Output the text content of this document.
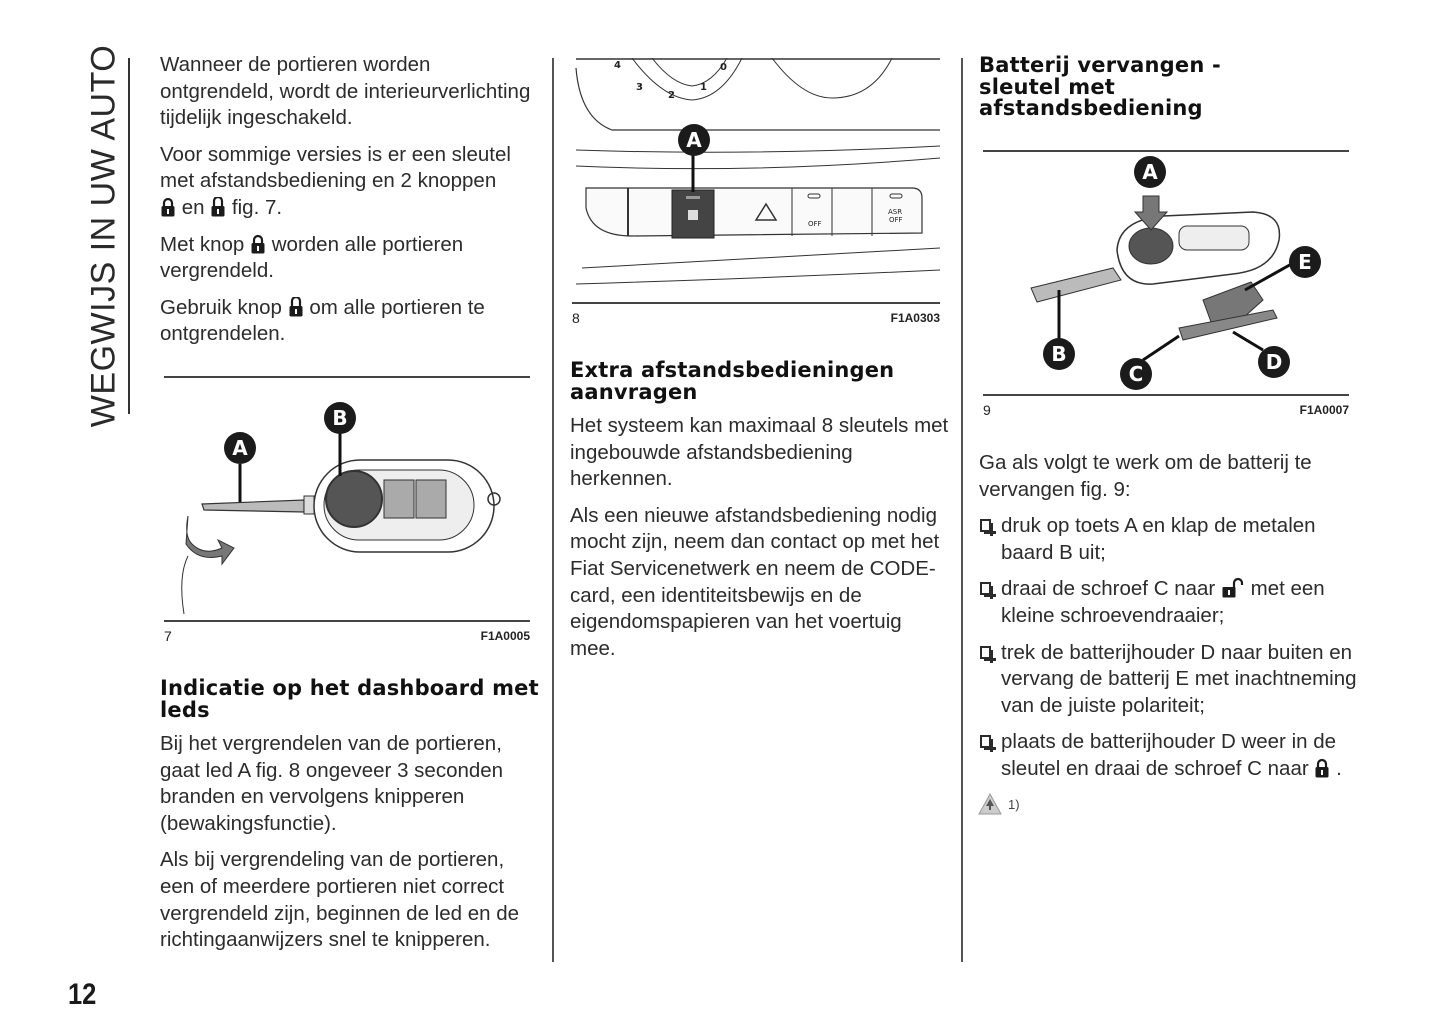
WEGWIJS IN UW AUTO
12

Wanneer de portieren worden ontgrendeld, wordt de interieurverlichting tijdelijk ingeschakeld.

Voor sommige versies is er een sleutel met afstandsbediening en 2 knoppen

en fig. 7.

Met knop worden alle portieren vergrendeld.

Gebruik knop om alle portieren te ontgrendelen.

A
B
7	F1A0005
Indicatie op het dashboard met leds

Bij het vergrendelen van de portieren, gaat led A fig. 8 ongeveer 3 seconden branden en vervolgens knipperen (bewakingsfunctie).

Als bij vergrendeling van de portieren, een of meerdere portieren niet correct vergrendeld zijn, beginnen de led en de richtingaanwijzers snel te knipperen.

4
3
2
1
0
OFF
ASR
OFF
A
8	F1A0303
Extra afstandsbedieningen aanvragen

Het systeem kan maximaal 8 sleutels met ingebouwde afstandsbediening herkennen.

Als een nieuwe afstandsbediening nodig mocht zijn, neem dan contact op met het Fiat Servicenetwerk en neem de CODE-card, een identiteitsbewijs en de eigendomspapieren van het voertuig mee.

Batterij vervangen - sleutel met afstandsbediening
A
B
C	D
E
9	F1A0007

Ga als volgt te werk om de batterij te vervangen fig. 9:

druk op toets A en klap de metalen baard B uit;
draai de schroef C naar met een kleine schroevendraaier;
trek de batterijhouder D naar buiten en vervang de batterij E met inachtneming van de juiste polariteit;
plaats de batterijhouder D weer in de sleutel en draai de schroef C naar .
1)
